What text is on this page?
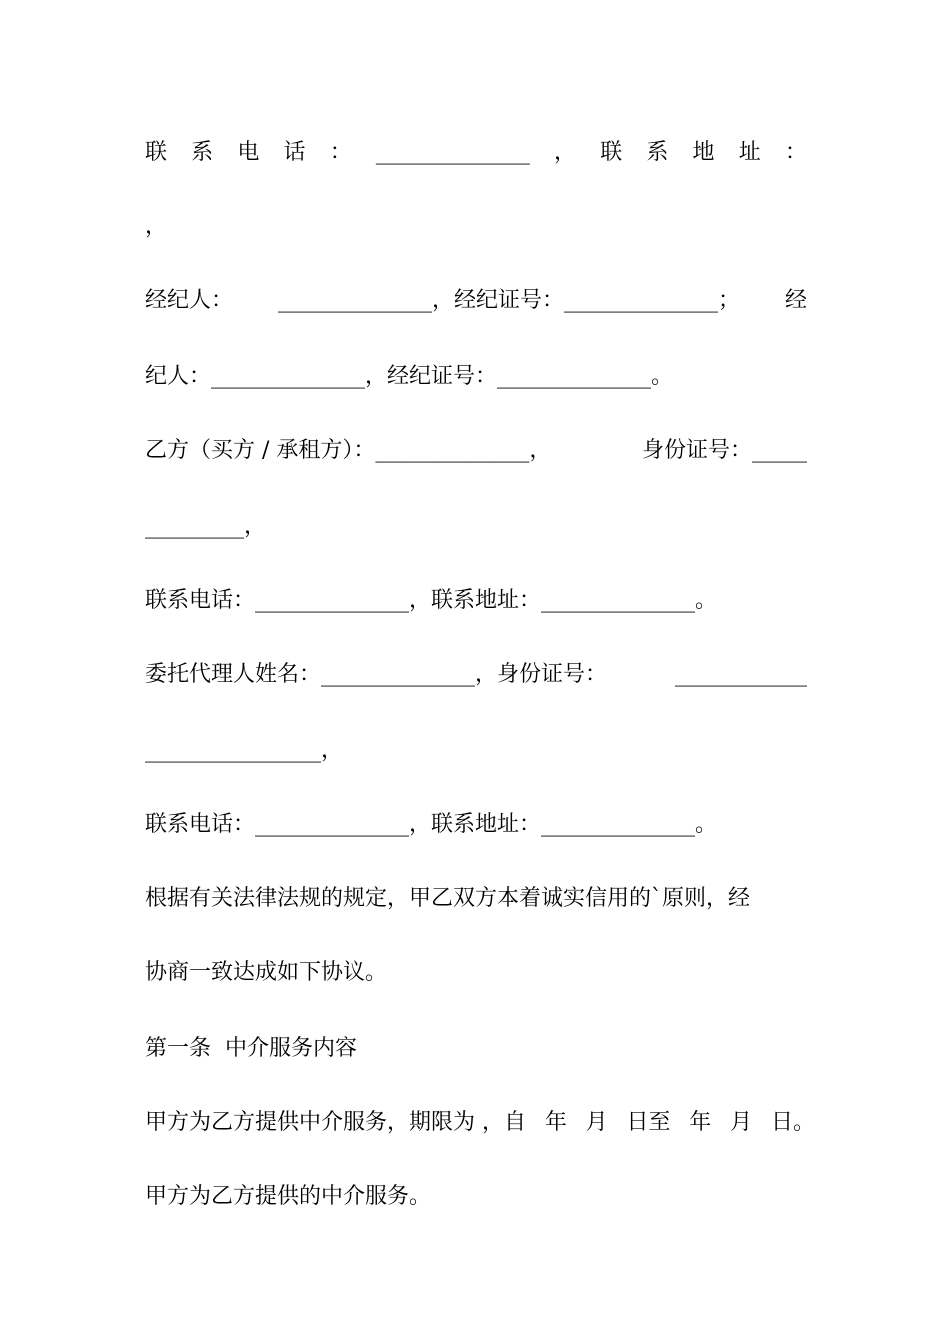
联 系 电 话 ： ______________ ， 联 系 地 址 ：
，
经纪人： ______________，经纪证号：______________； 经
纪人：______________，经纪证号：______________。
乙方（买方 / 承租方）：______________，	身份证号：_____
_________，
联系电话：______________，联系地址：______________。
委托代理人姓名：______________，身份证号：	____________
________________，
联系电话：______________，联系地址：______________。
根据有关法律法规的规定，甲乙双方本着诚实信用的`原则，经
协商一致达成如下协议。
第一条  中介服务内容
甲方为乙方提供中介服务，期限为 ，自 年 月 日至 年 月 日。
甲方为乙方提供的中介服务。
